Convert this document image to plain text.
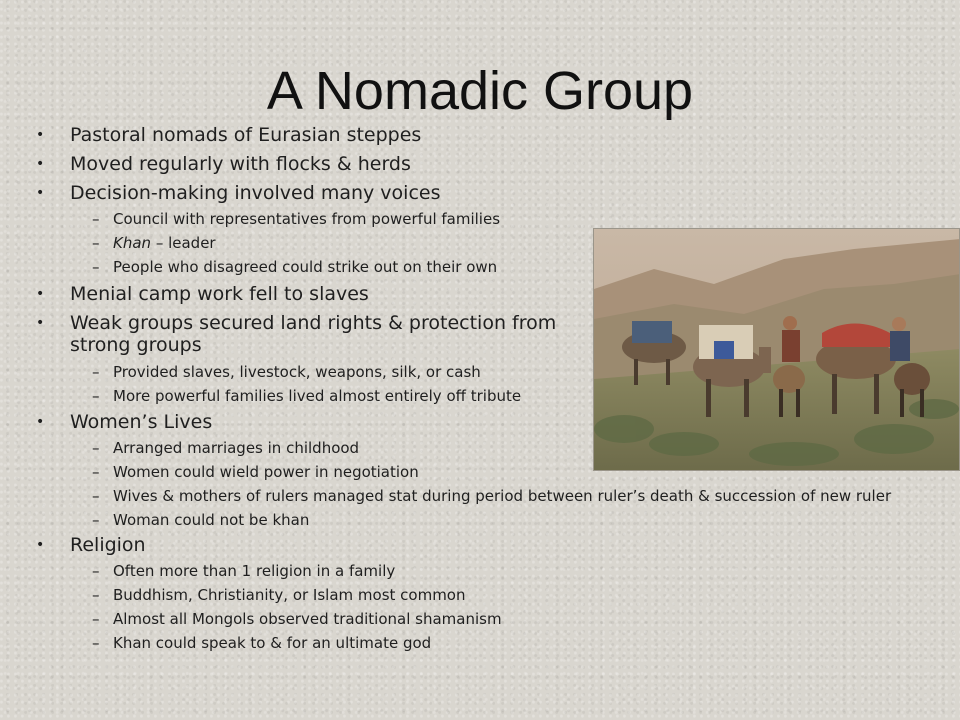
A Nomadic Group
• Pastoral nomads of Eurasian steppes
• Moved regularly with flocks & herds
• Decision-making involved many voices
– Council with representatives from powerful families
– Khan – leader
– People who disagreed could strike out on their own
• Menial camp work fell to slaves
• Weak groups secured land rights & protection from strong groups
– Provided slaves, livestock, weapons, silk, or cash
– More powerful families lived almost entirely off tribute
• Women’s Lives
– Arranged marriages in childhood
– Women could wield power in negotiation
– Wives & mothers of rulers managed stat during period between ruler’s death & succession of new ruler
– Woman could not be khan
• Religion
– Often more than 1 religion in a family
– Buddhism, Christianity, or Islam most common
– Almost all Mongols observed traditional shamanism
– Khan could speak to & for an ultimate god
